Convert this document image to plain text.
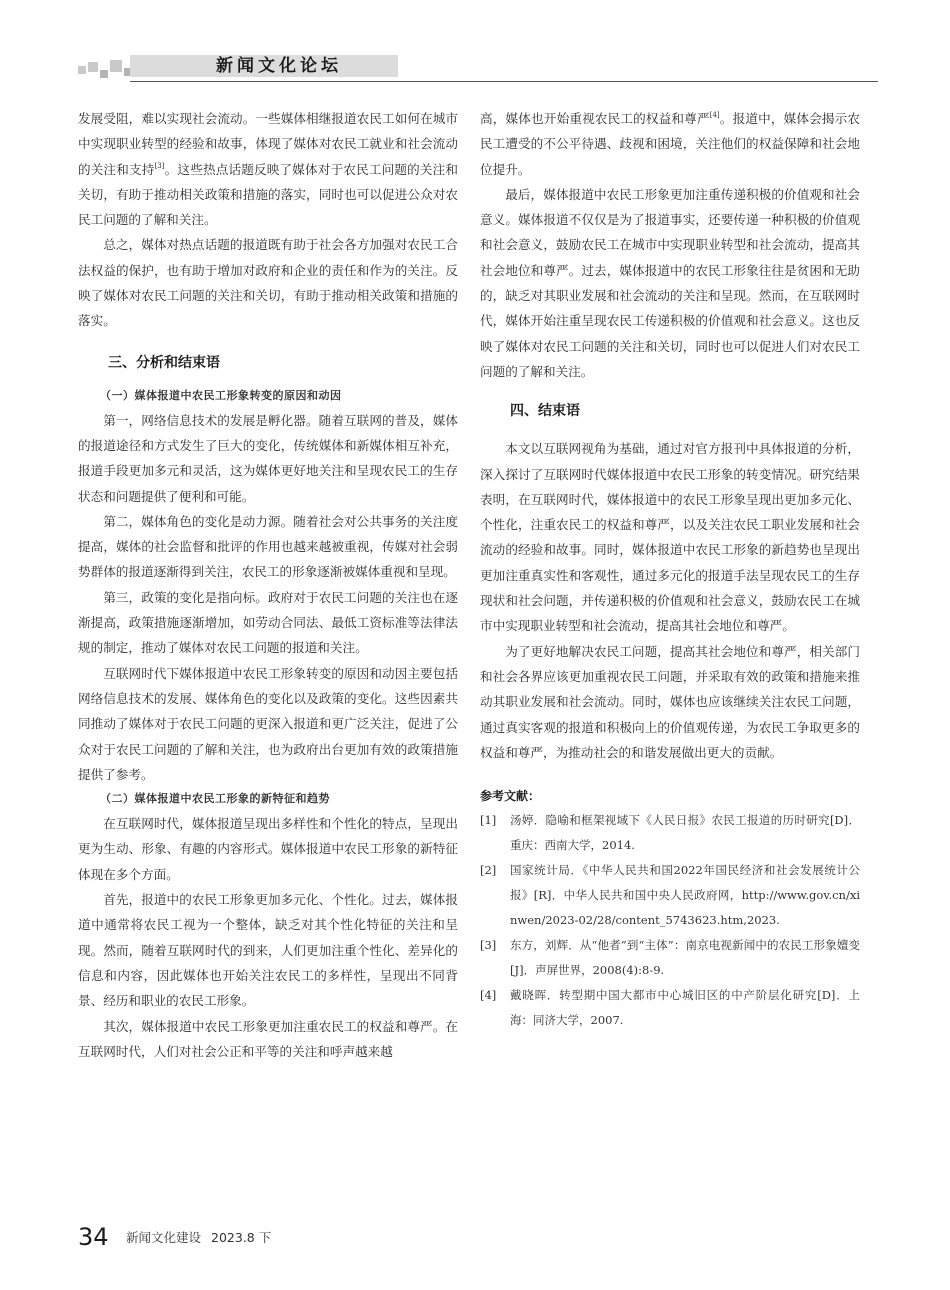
新闻文化论坛

发展受阻，难以实现社会流动。一些媒体相继报道农民工如何在城市中实现职业转型的经验和故事，体现了媒体对农民工就业和社会流动的关注和支持[3]。这些热点话题反映了媒体对于农民工问题的关注和关切，有助于推动相关政策和措施的落实，同时也可以促进公众对农民工问题的了解和关注。

总之，媒体对热点话题的报道既有助于社会各方加强对农民工合法权益的保护，也有助于增加对政府和企业的责任和作为的关注。反映了媒体对农民工问题的关注和关切，有助于推动相关政策和措施的落实。

三、分析和结束语
（一）媒体报道中农民工形象转变的原因和动因

第一，网络信息技术的发展是孵化器。随着互联网的普及，媒体的报道途径和方式发生了巨大的变化，传统媒体和新媒体相互补充，报道手段更加多元和灵活，这为媒体更好地关注和呈现农民工的生存状态和问题提供了便利和可能。

第二，媒体角色的变化是动力源。随着社会对公共事务的关注度提高，媒体的社会监督和批评的作用也越来越被重视，传媒对社会弱势群体的报道逐渐得到关注，农民工的形象逐渐被媒体重视和呈现。

第三，政策的变化是指向标。政府对于农民工问题的关注也在逐渐提高，政策措施逐渐增加，如劳动合同法、最低工资标准等法律法规的制定，推动了媒体对农民工问题的报道和关注。

互联网时代下媒体报道中农民工形象转变的原因和动因主要包括网络信息技术的发展、媒体角色的变化以及政策的变化。这些因素共同推动了媒体对于农民工问题的更深入报道和更广泛关注，促进了公众对于农民工问题的了解和关注，也为政府出台更加有效的政策措施提供了参考。

（二）媒体报道中农民工形象的新特征和趋势

在互联网时代，媒体报道呈现出多样性和个性化的特点，呈现出更为生动、形象、有趣的内容形式。媒体报道中农民工形象的新特征体现在多个方面。

首先，报道中的农民工形象更加多元化、个性化。过去，媒体报道中通常将农民工视为一个整体，缺乏对其个性化特征的关注和呈现。然而，随着互联网时代的到来，人们更加注重个性化、差异化的信息和内容，因此媒体也开始关注农民工的多样性，呈现出不同背景、经历和职业的农民工形象。

其次，媒体报道中农民工形象更加注重农民工的权益和尊严。在互联网时代，人们对社会公正和平等的关注和呼声越来越

高，媒体也开始重视农民工的权益和尊严[4]。报道中，媒体会揭示农民工遭受的不公平待遇、歧视和困境，关注他们的权益保障和社会地位提升。

最后，媒体报道中农民工形象更加注重传递积极的价值观和社会意义。媒体报道不仅仅是为了报道事实，还要传递一种积极的价值观和社会意义，鼓励农民工在城市中实现职业转型和社会流动，提高其社会地位和尊严。过去，媒体报道中的农民工形象往往是贫困和无助的，缺乏对其职业发展和社会流动的关注和呈现。然而，在互联网时代，媒体开始注重呈现农民工传递积极的价值观和社会意义。这也反映了媒体对农民工问题的关注和关切，同时也可以促进人们对农民工问题的了解和关注。

四、结束语

本文以互联网视角为基础，通过对官方报刊中具体报道的分析，深入探讨了互联网时代媒体报道中农民工形象的转变情况。研究结果表明，在互联网时代，媒体报道中的农民工形象呈现出更加多元化、个性化，注重农民工的权益和尊严，以及关注农民工职业发展和社会流动的经验和故事。同时，媒体报道中农民工形象的新趋势也呈现出更加注重真实性和客观性，通过多元化的报道手法呈现农民工的生存现状和社会问题，并传递积极的价值观和社会意义，鼓励农民工在城市中实现职业转型和社会流动，提高其社会地位和尊严。

为了更好地解决农民工问题，提高其社会地位和尊严，相关部门和社会各界应该更加重视农民工问题，并采取有效的政策和措施来推动其职业发展和社会流动。同时，媒体也应该继续关注农民工问题，通过真实客观的报道和积极向上的价值观传递，为农民工争取更多的权益和尊严，为推动社会的和谐发展做出更大的贡献。

参考文献：

[1]	汤婷．隐喻和框架视域下《人民日报》农民工报道的历时研究[D]．重庆：西南大学，2014.
[2]	国家统计局．《中华人民共和国2022年国民经济和社会发展统计公报》[R]．中华人民共和国中央人民政府网，http://www.gov.cn/xinwen/2023-02/28/content_5743623.htm,2023.
[3]	东方，刘辉．从“他者”到“主体”：南京电视新闻中的农民工形象嬗变[J]．声屏世界，2008(4):8-9.
[4]	戴晓晖．转型期中国大都市中心城旧区的中产阶层化研究[D]．上海：同济大学，2007.
34 新闻文化建设 2023.8 下
